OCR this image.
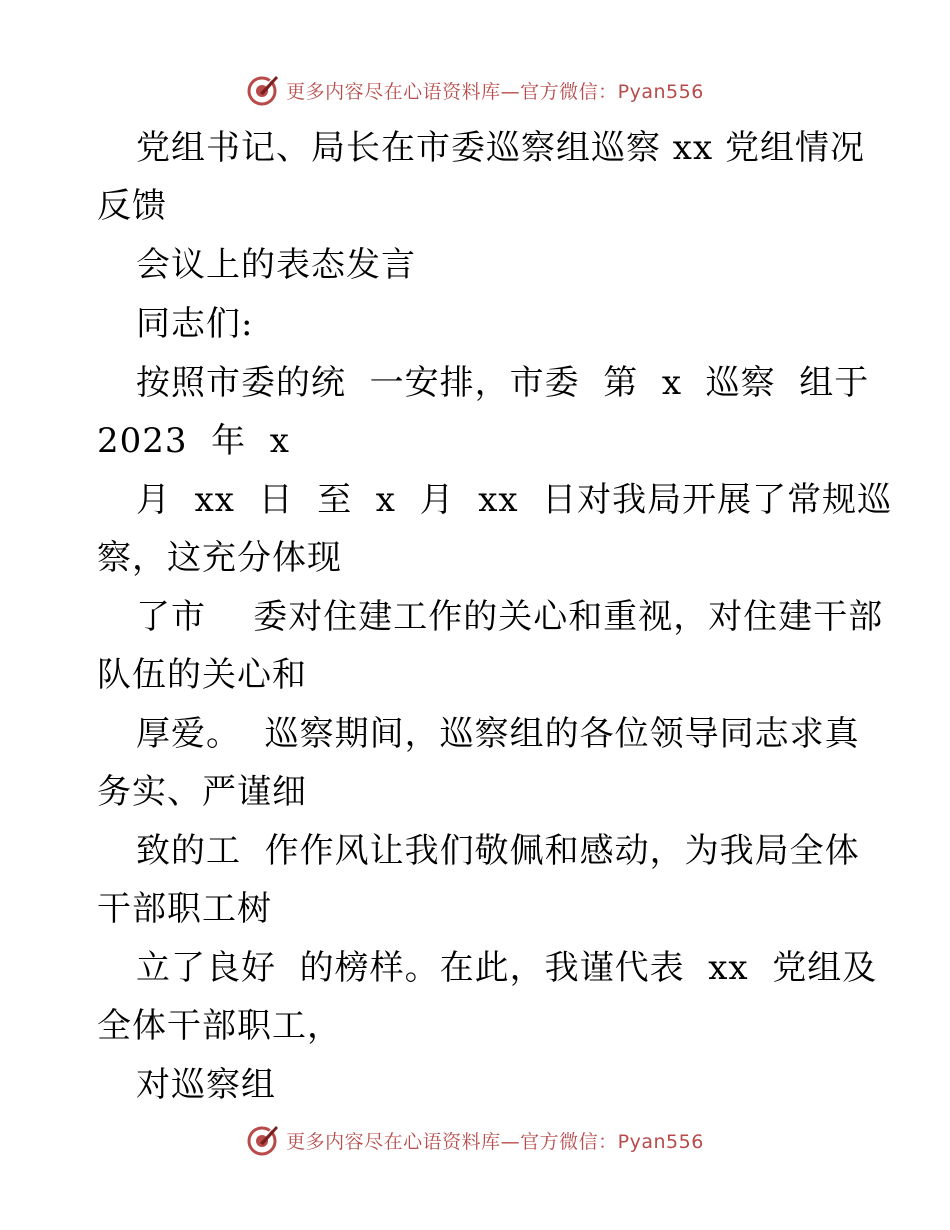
更多内容尽在心语资料库—官方微信：Pyan556
党组书记、局长在市委巡察组巡察 xx 党组情况
反馈
会议上的表态发言
同志们:
按照市委的统  一安排，市委  第  x  巡察  组于
2023  年  x
月  xx  日  至  x  月  xx  日对我局开展了常规巡
察，这充分体现
了市    委对住建工作的关心和重视，对住建干部
队伍的关心和
厚爱。  巡察期间，巡察组的各位领导同志求真
务实、严谨细
致的工  作作风让我们敬佩和感动，为我局全体
干部职工树
立了良好  的榜样。在此，我谨代表  xx  党组及
全体干部职工，
对巡察组
更多内容尽在心语资料库—官方微信：Pyan556
